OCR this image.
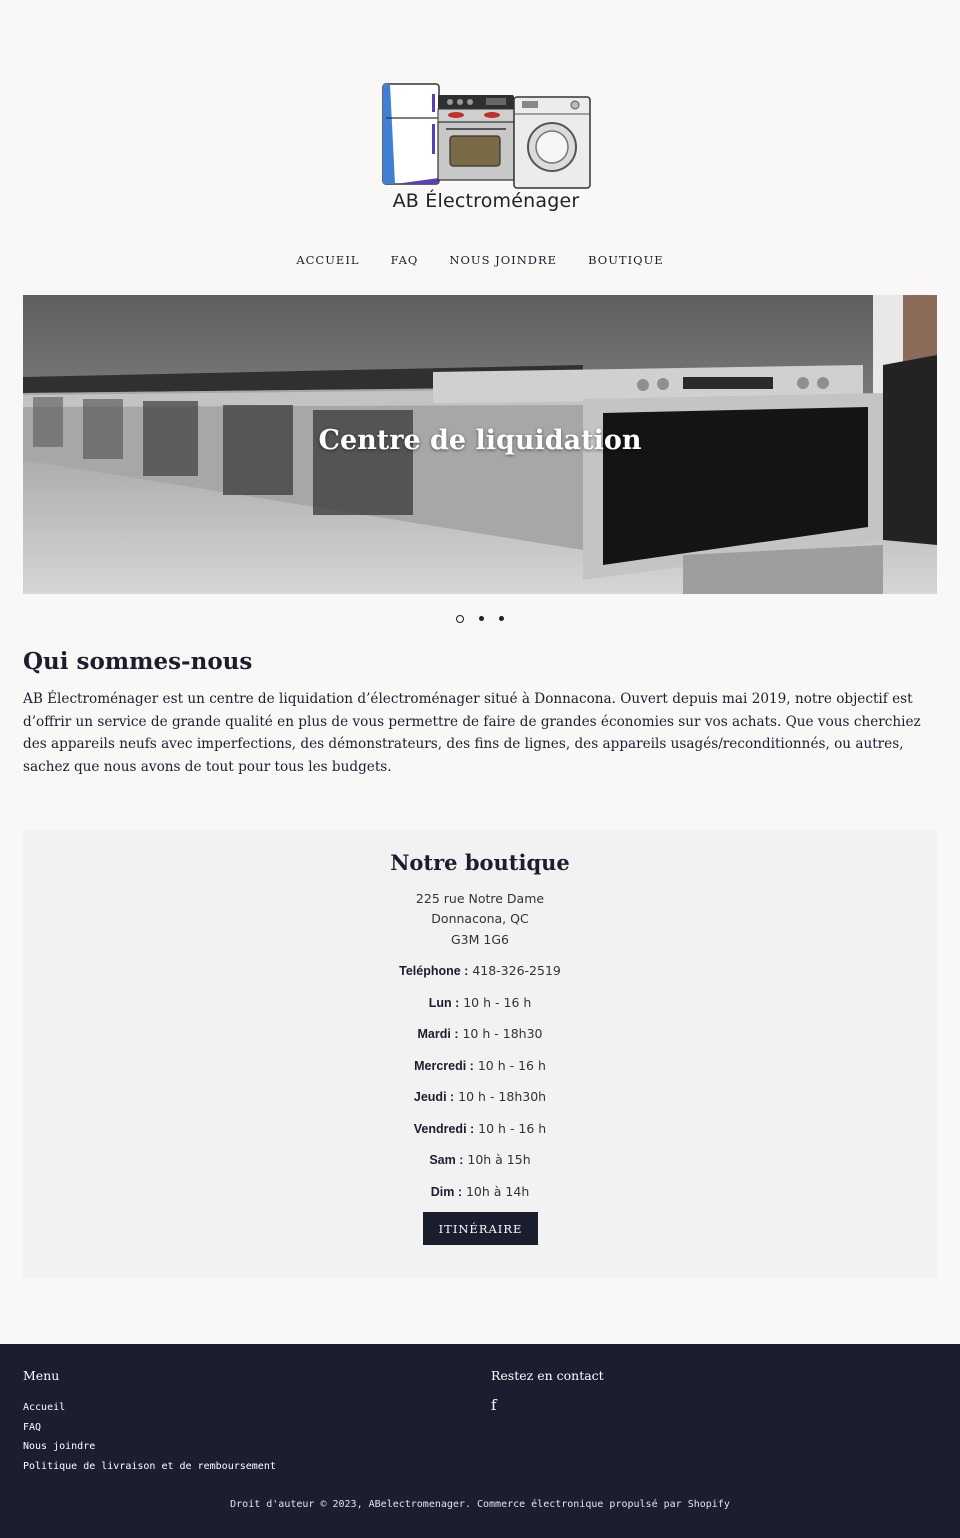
AB Électroménager
ACCUEIL	FAQ	NOUS JOINDRE	BOUTIQUE
Centre de liquidation

Qui sommes-nous

AB Électroménager est un centre de liquidation d’électroménager situé à Donnacona. Ouvert depuis mai 2019, notre objectif est d’offrir un service de grande qualité en plus de vous permettre de faire de grandes économies sur vos achats. Que vous cherchiez des appareils neufs avec imperfections, des démonstrateurs, des fins de lignes, des appareils usagés/reconditionnés, ou autres, sachez que nous avons de tout pour tous les budgets.

Notre boutique
225 rue Notre Dame
Donnacona, QC
G3M 1G6
Teléphone : 418-326-2519
Lun : 10 h - 16 h
Mardi : 10 h - 18h30
Mercredi : 10 h - 16 h
Jeudi : 10 h - 18h30h
Vendredi : 10 h - 16 h
Sam : 10h à 15h
Dim : 10h à 14h
ITINÉRAIRE
Menu
Accueil
FAQ
Nous joindre
Politique de livraison et de remboursement
Restez en contact
f
Droit d'auteur © 2023, ABelectromenager. Commerce électronique propulsé par Shopify
